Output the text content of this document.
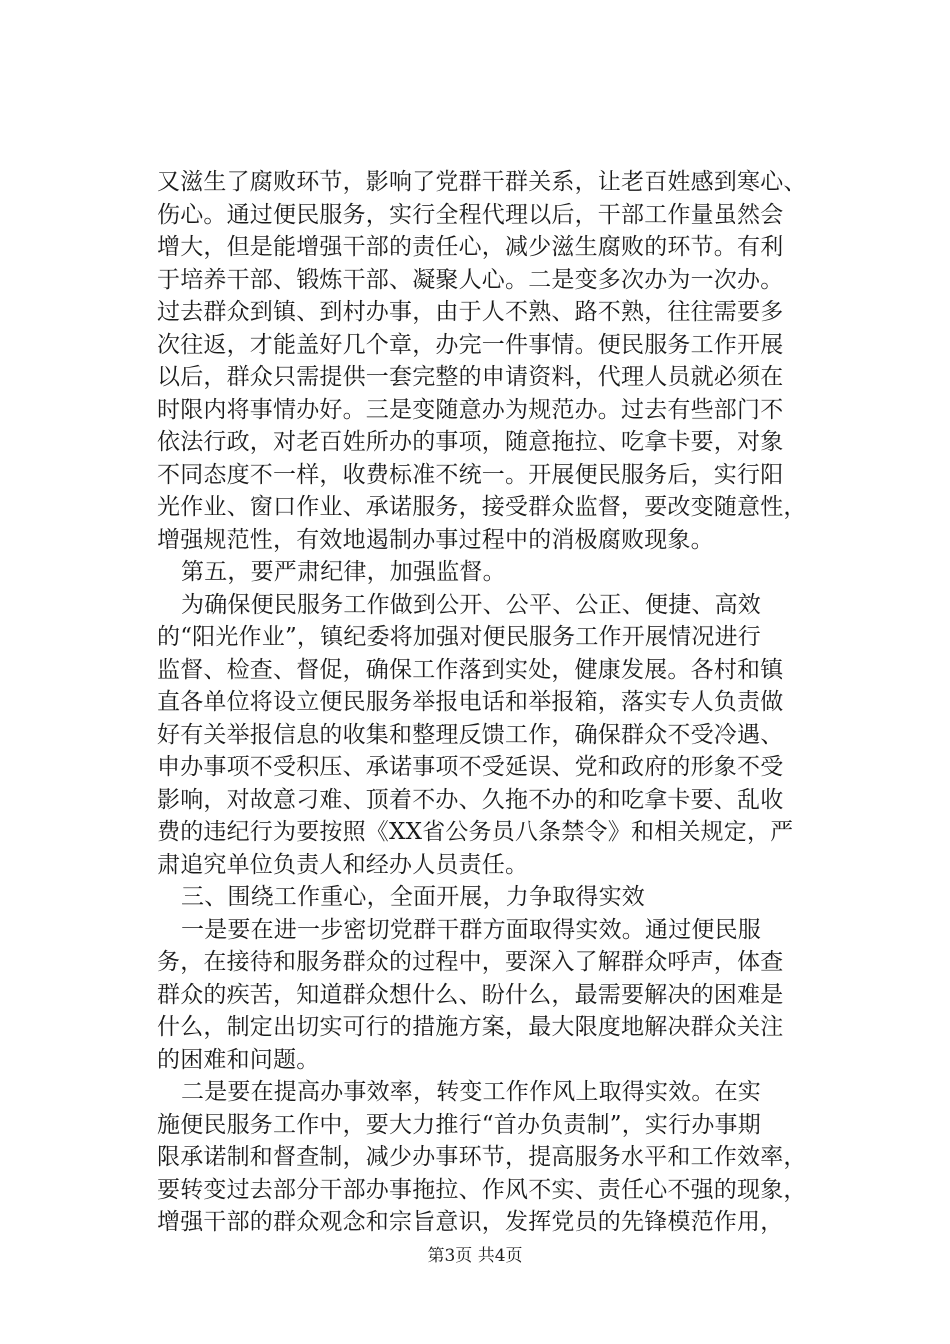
又滋生了腐败环节，影响了党群干群关系，让老百姓感到寒心、
伤心。通过便民服务，实行全程代理以后，干部工作量虽然会
增大，但是能增强干部的责任心，减少滋生腐败的环节。有利
于培养干部、锻炼干部、凝聚人心。二是变多次办为一次办。
过去群众到镇、到村办事，由于人不熟、路不熟，往往需要多
次往返，才能盖好几个章，办完一件事情。便民服务工作开展
以后，群众只需提供一套完整的申请资料，代理人员就必须在
时限内将事情办好。三是变随意办为规范办。过去有些部门不
依法行政，对老百姓所办的事项，随意拖拉、吃拿卡要，对象
不同态度不一样，收费标准不统一。开展便民服务后，实行阳
光作业、窗口作业、承诺服务，接受群众监督，要改变随意性，
增强规范性，有效地遏制办事过程中的消极腐败现象。
第五，要严肃纪律，加强监督。
为确保便民服务工作做到公开、公平、公正、便捷、高效
的“阳光作业”，镇纪委将加强对便民服务工作开展情况进行
监督、检查、督促，确保工作落到实处，健康发展。各村和镇
直各单位将设立便民服务举报电话和举报箱，落实专人负责做
好有关举报信息的收集和整理反馈工作，确保群众不受冷遇、
申办事项不受积压、承诺事项不受延误、党和政府的形象不受
影响，对故意刁难、顶着不办、久拖不办的和吃拿卡要、乱收
费的违纪行为要按照《XX省公务员八条禁令》和相关规定，严
肃追究单位负责人和经办人员责任。
三、围绕工作重心，全面开展，力争取得实效
一是要在进一步密切党群干群方面取得实效。通过便民服
务，在接待和服务群众的过程中，要深入了解群众呼声，体查
群众的疾苦，知道群众想什么、盼什么，最需要解决的困难是
什么，制定出切实可行的措施方案，最大限度地解决群众关注
的困难和问题。
二是要在提高办事效率，转变工作作风上取得实效。在实
施便民服务工作中，要大力推行“首办负责制”，实行办事期
限承诺制和督查制，减少办事环节，提高服务水平和工作效率，
要转变过去部分干部办事拖拉、作风不实、责任心不强的现象，
增强干部的群众观念和宗旨意识，发挥党员的先锋模范作用，
第3页 共4页
